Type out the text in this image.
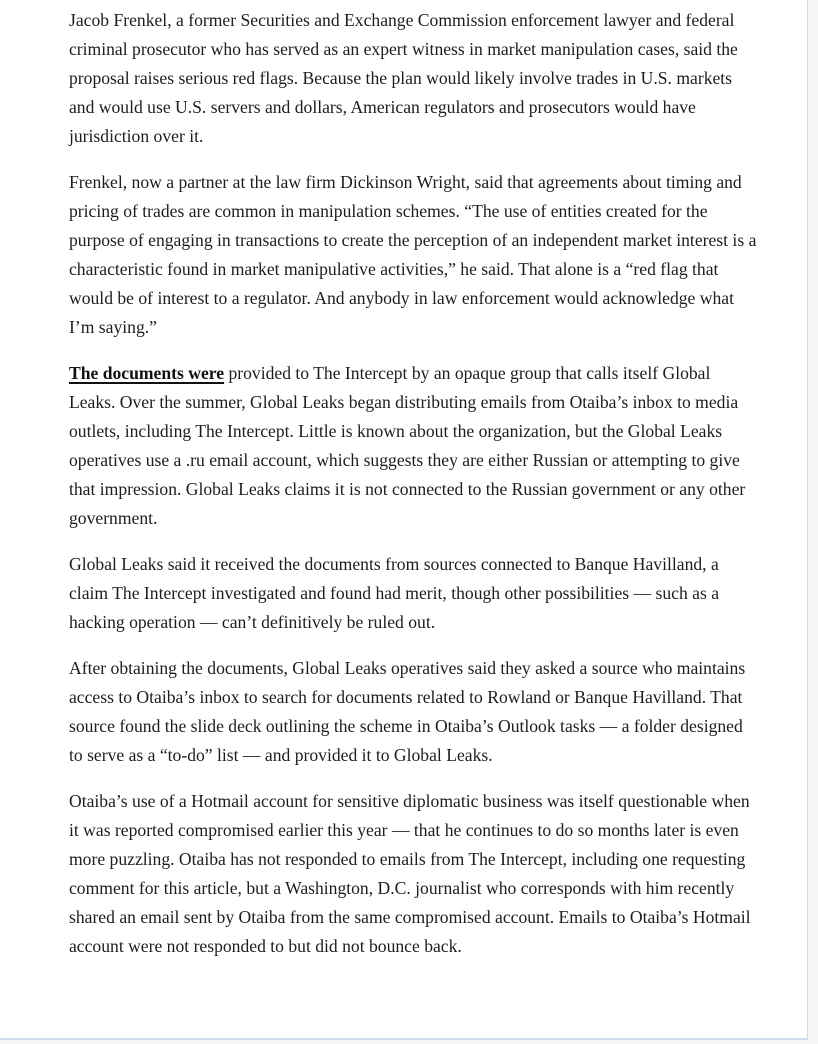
Jacob Frenkel, a former Securities and Exchange Commission enforcement lawyer and federal criminal prosecutor who has served as an expert witness in market manipulation cases, said the proposal raises serious red flags. Because the plan would likely involve trades in U.S. markets and would use U.S. servers and dollars, American regulators and prosecutors would have jurisdiction over it.

Frenkel, now a partner at the law firm Dickinson Wright, said that agreements about timing and pricing of trades are common in manipulation schemes. “The use of entities created for the purpose of engaging in transactions to create the perception of an independent market interest is a characteristic found in market manipulative activities,” he said. That alone is a “red flag that would be of interest to a regulator. And anybody in law enforcement would acknowledge what I’m saying.”

The documents were provided to The Intercept by an opaque group that calls itself Global Leaks. Over the summer, Global Leaks began distributing emails from Otaiba’s inbox to media outlets, including The Intercept. Little is known about the organization, but the Global Leaks operatives use a .ru email account, which suggests they are either Russian or attempting to give that impression. Global Leaks claims it is not connected to the Russian government or any other government.

Global Leaks said it received the documents from sources connected to Banque Havilland, a claim The Intercept investigated and found had merit, though other possibilities — such as a hacking operation — can’t definitively be ruled out.

After obtaining the documents, Global Leaks operatives said they asked a source who maintains access to Otaiba’s inbox to search for documents related to Rowland or Banque Havilland. That source found the slide deck outlining the scheme in Otaiba’s Outlook tasks — a folder designed to serve as a “to-do” list — and provided it to Global Leaks.

Otaiba’s use of a Hotmail account for sensitive diplomatic business was itself questionable when it was reported compromised earlier this year — that he continues to do so months later is even more puzzling. Otaiba has not responded to emails from The Intercept, including one requesting comment for this article, but a Washington, D.C. journalist who corresponds with him recently shared an email sent by Otaiba from the same compromised account. Emails to Otaiba’s Hotmail account were not responded to but did not bounce back.
